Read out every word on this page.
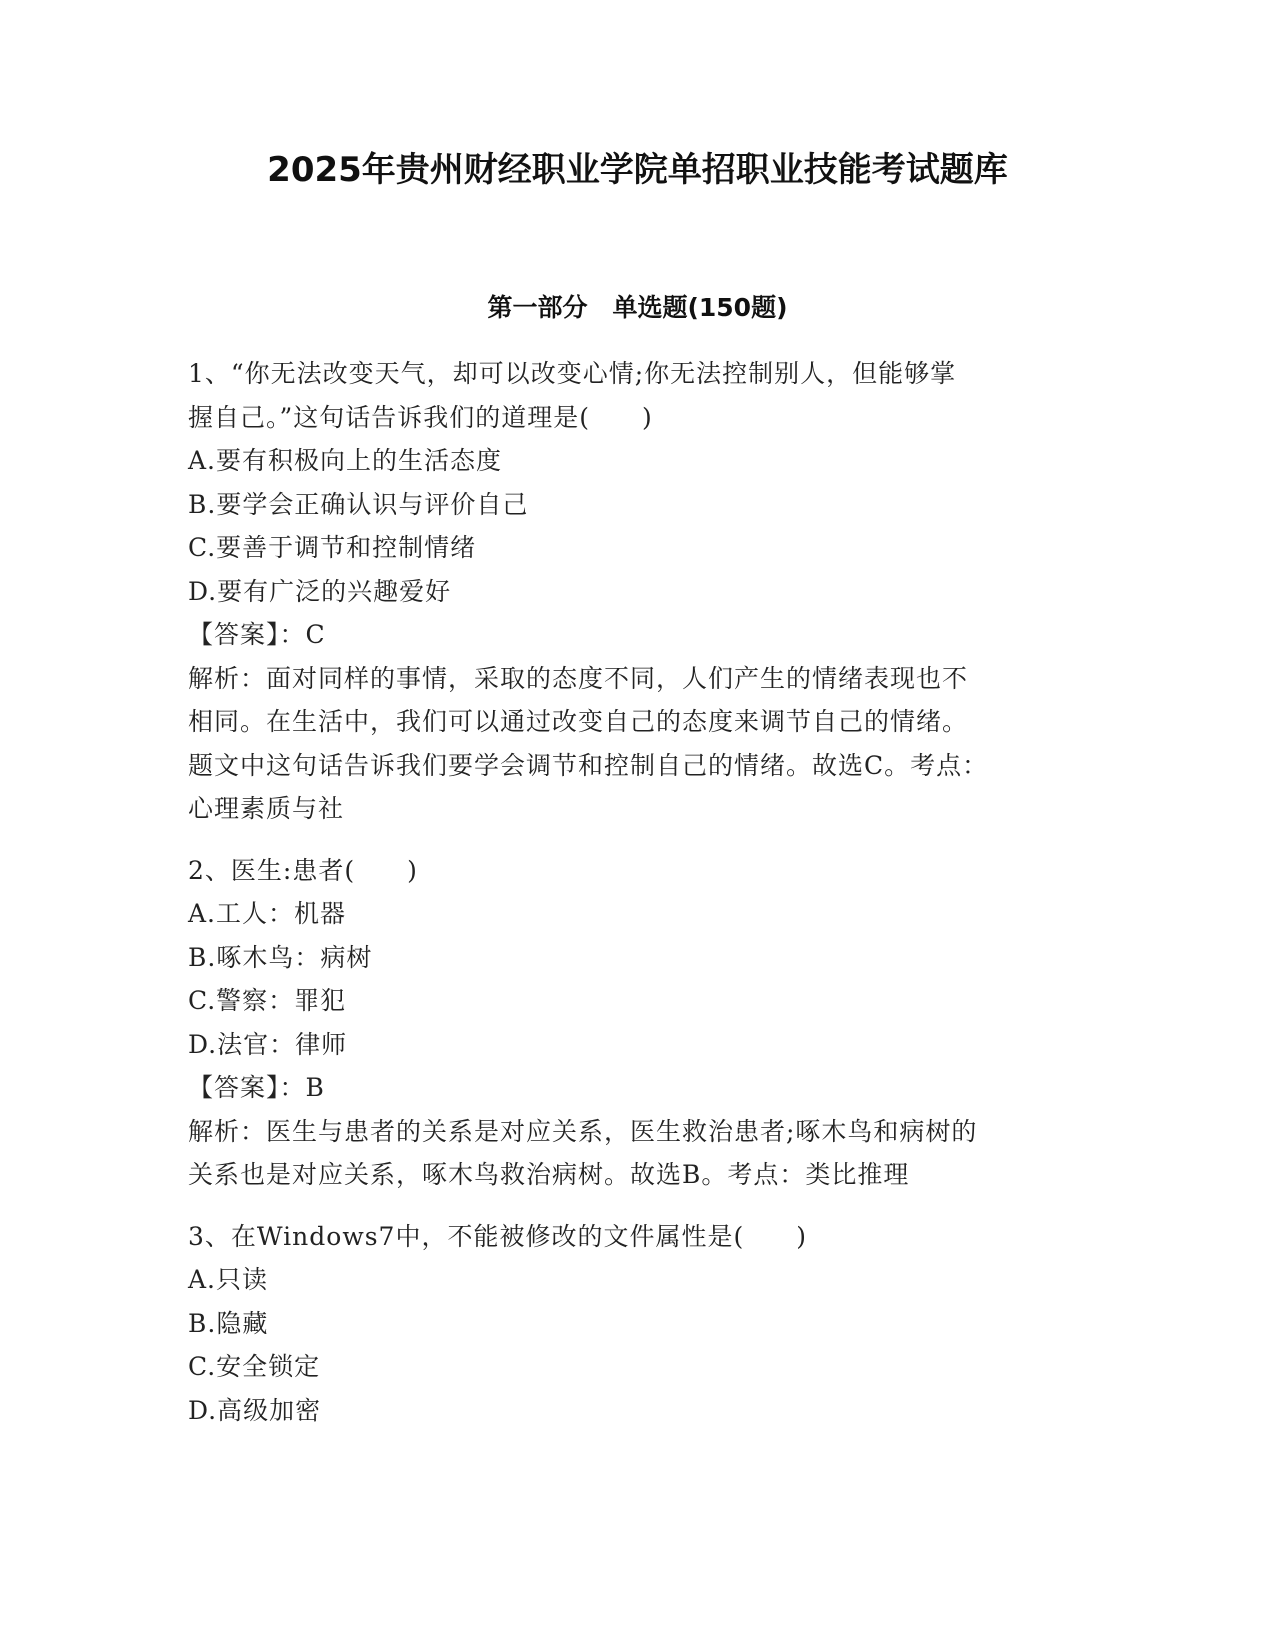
2025年贵州财经职业学院单招职业技能考试题库
第一部分　单选题(150题)
1、“你无法改变天气，却可以改变心情;你无法控制别人，但能够掌
握自己。”这句话告诉我们的道理是(　　)
A.要有积极向上的生活态度
B.要学会正确认识与评价自己
C.要善于调节和控制情绪
D.要有广泛的兴趣爱好
【答案】：C
解析：面对同样的事情，采取的态度不同，人们产生的情绪表现也不
相同。在生活中，我们可以通过改变自己的态度来调节自己的情绪。
题文中这句话告诉我们要学会调节和控制自己的情绪。故选C。考点：
心理素质与社
2、医生:患者(　　)
A.工人：机器
B.啄木鸟：病树
C.警察：罪犯
D.法官：律师
【答案】：B
解析：医生与患者的关系是对应关系，医生救治患者;啄木鸟和病树的
关系也是对应关系，啄木鸟救治病树。故选B。考点：类比推理
3、在Windows7中，不能被修改的文件属性是(　　)
A.只读
B.隐藏
C.安全锁定
D.高级加密
